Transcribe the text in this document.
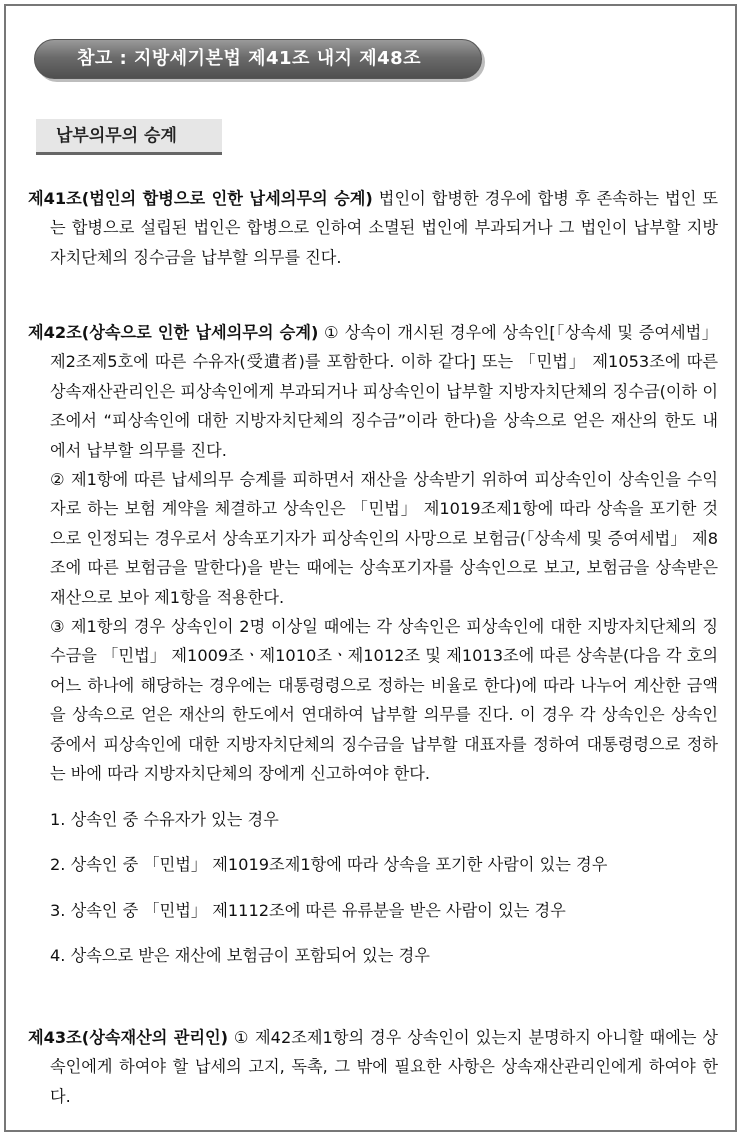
참고 : 지방세기본법 제41조 내지 제48조
납부의무의 승계

제41조(법인의 합병으로 인한 납세의무의 승계) 법인이 합병한 경우에 합병 후 존속하는 법인 또는 합병으로 설립된 법인은 합병으로 인하여 소멸된 법인에 부과되거나 그 법인이 납부할 지방자치단체의 징수금을 납부할 의무를 진다.

제42조(상속으로 인한 납세의무의 승계) ① 상속이 개시된 경우에 상속인[「상속세 및 증여세법」 제2조제5호에 따른 수유자(受遺者)를 포함한다. 이하 같다] 또는 「민법」 제1053조에 따른 상속재산관리인은 피상속인에게 부과되거나 피상속인이 납부할 지방자치단체의 징수금(이하 이 조에서 “피상속인에 대한 지방자치단체의 징수금”이라 한다)을 상속으로 얻은 재산의 한도 내에서 납부할 의무를 진다.

② 제1항에 따른 납세의무 승계를 피하면서 재산을 상속받기 위하여 피상속인이 상속인을 수익자로 하는 보험 계약을 체결하고 상속인은 「민법」 제1019조제1항에 따라 상속을 포기한 것으로 인정되는 경우로서 상속포기자가 피상속인의 사망으로 보험금(「상속세 및 증여세법」 제8조에 따른 보험금을 말한다)을 받는 때에는 상속포기자를 상속인으로 보고, 보험금을 상속받은 재산으로 보아 제1항을 적용한다.

③ 제1항의 경우 상속인이 2명 이상일 때에는 각 상속인은 피상속인에 대한 지방자치단체의 징수금을 「민법」 제1009조ㆍ제1010조ㆍ제1012조 및 제1013조에 따른 상속분(다음 각 호의 어느 하나에 해당하는 경우에는 대통령령으로 정하는 비율로 한다)에 따라 나누어 계산한 금액을 상속으로 얻은 재산의 한도에서 연대하여 납부할 의무를 진다. 이 경우 각 상속인은 상속인 중에서 피상속인에 대한 지방자치단체의 징수금을 납부할 대표자를 정하여 대통령령으로 정하는 바에 따라 지방자치단체의 장에게 신고하여야 한다.

1. 상속인 중 수유자가 있는 경우

2. 상속인 중 「민법」 제1019조제1항에 따라 상속을 포기한 사람이 있는 경우

3. 상속인 중 「민법」 제1112조에 따른 유류분을 받은 사람이 있는 경우

4. 상속으로 받은 재산에 보험금이 포함되어 있는 경우

제43조(상속재산의 관리인) ① 제42조제1항의 경우 상속인이 있는지 분명하지 아니할 때에는 상속인에게 하여야 할 납세의 고지, 독촉, 그 밖에 필요한 사항은 상속재산관리인에게 하여야 한다.
